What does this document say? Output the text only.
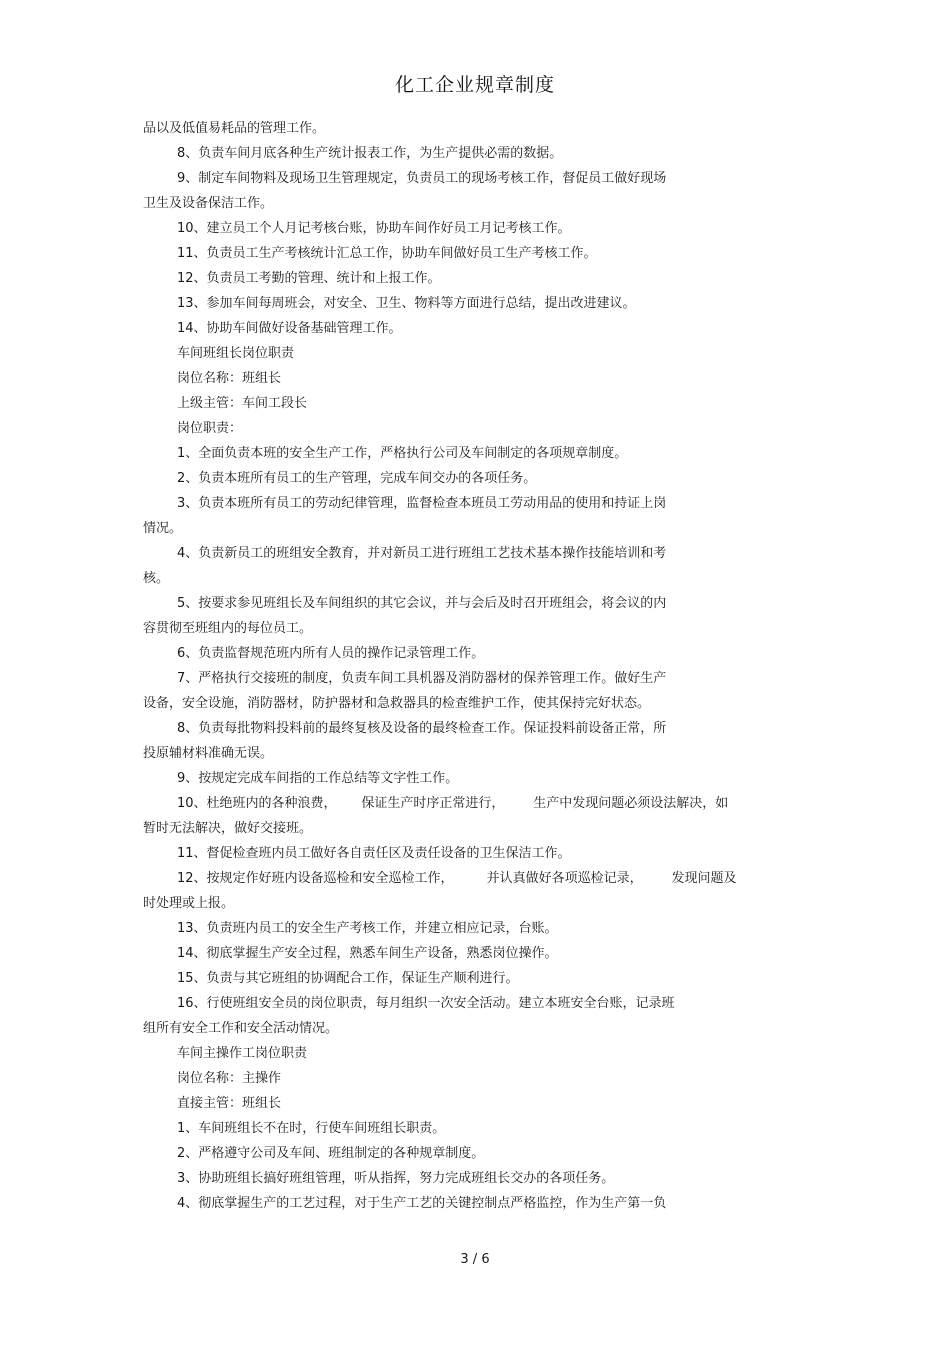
化工企业规章制度
品以及低值易耗品的管理工作。
8、负责车间月底各种生产统计报表工作，为生产提供必需的数据。
9、制定车间物料及现场卫生管理规定，负责员工的现场考核工作，督促员工做好现场
卫生及设备保洁工作。
10、建立员工个人月记考核台账，协助车间作好员工月记考核工作。
11、负责员工生产考核统计汇总工作，协助车间做好员工生产考核工作。
12、负责员工考勤的管理、统计和上报工作。
13、参加车间每周班会，对安全、卫生、物料等方面进行总结，提出改进建议。
14、协助车间做好设备基础管理工作。
车间班组长岗位职责
岗位名称：班组长
上级主管：车间工段长
岗位职责：
1、全面负责本班的安全生产工作，严格执行公司及车间制定的各项规章制度。
2、负责本班所有员工的生产管理，完成车间交办的各项任务。
3、负责本班所有员工的劳动纪律管理，监督检查本班员工劳动用品的使用和持证上岗
情况。
4、负责新员工的班组安全教育，并对新员工进行班组工艺技术基本操作技能培训和考
核。
5、按要求参见班组长及车间组织的其它会议，并与会后及时召开班组会，将会议的内
容贯彻至班组内的每位员工。
6、负责监督规范班内所有人员的操作记录管理工作。
7、严格执行交接班的制度，负责车间工具机器及消防器材的保养管理工作。做好生产
设备，安全设施，消防器材，防护器材和急救器具的检查维护工作，使其保持完好状态。
8、负责每批物料投料前的最终复核及设备的最终检查工作。保证投料前设备正常，所
投原辅材料准确无误。
9、按规定完成车间指的工作总结等文字性工作。
10、杜绝班内的各种浪费，      保证生产时序正常进行，       生产中发现问题必须设法解决，如
暂时无法解决，做好交接班。
11、督促检查班内员工做好各自责任区及责任设备的卫生保洁工作。
12、按规定作好班内设备巡检和安全巡检工作，        并认真做好各项巡检记录，       发现问题及
时处理或上报。
13、负责班内员工的安全生产考核工作，并建立相应记录，台账。
14、彻底掌握生产安全过程，熟悉车间生产设备，熟悉岗位操作。
15、负责与其它班组的协调配合工作，保证生产顺利进行。
16、行使班组安全员的岗位职责，每月组织一次安全活动。建立本班安全台账，记录班
组所有安全工作和安全活动情况。
车间主操作工岗位职责
岗位名称：主操作
直接主管：班组长
1、车间班组长不在时，行使车间班组长职责。
2、严格遵守公司及车间、班组制定的各种规章制度。
3、协助班组长搞好班组管理，听从指挥，努力完成班组长交办的各项任务。
4、彻底掌握生产的工艺过程，对于生产工艺的关键控制点严格监控，作为生产第一负
3 / 6
